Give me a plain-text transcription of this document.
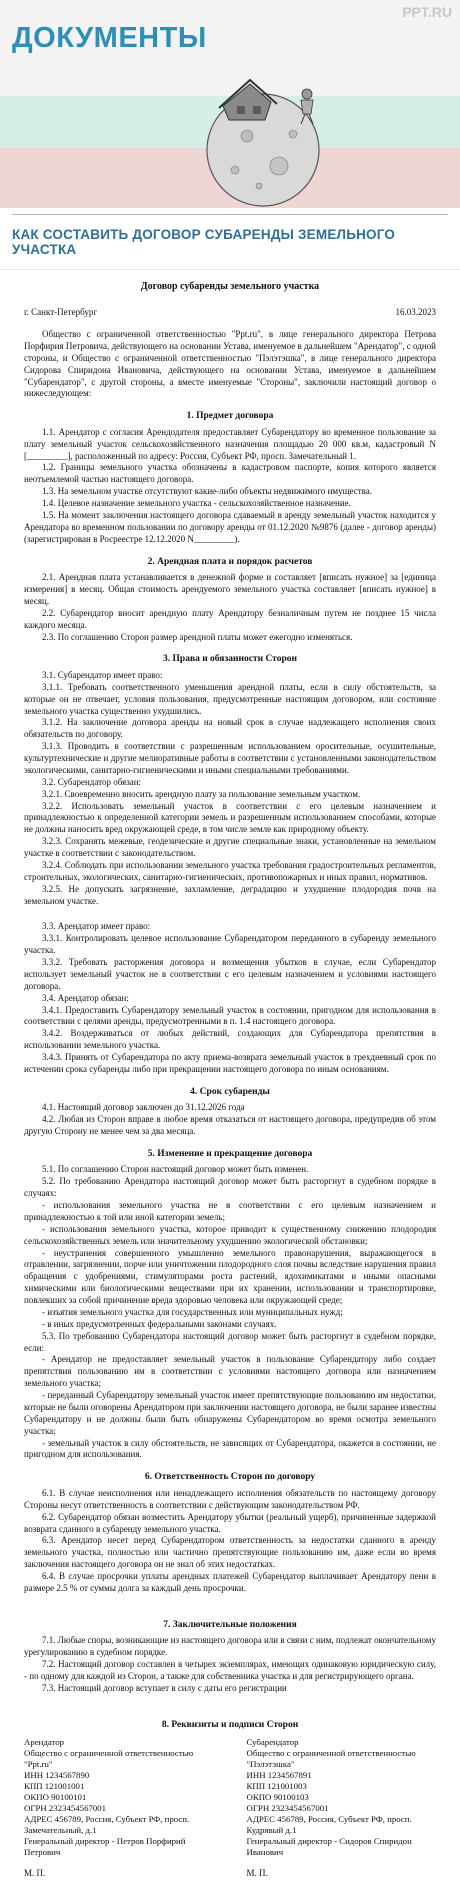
ДОКУМЕНТЫ
PPT.RU
КАК СОСТАВИТЬ ДОГОВОР СУБАРЕНДЫ ЗЕМЕЛЬНОГО УЧАСТКА
Договор субаренды земельного участка
г. Санкт-Петербург	16.03.2023

Общество с ограниченной ответственностью "Ppt.ru", в лице генерального директора Петрова Порфирия Петровича, действующего на основании Устава, именуемое в дальнейшем "Арендатор", с одной стороны, и Общество с ограниченной ответственностью "Пэлэтэшка", в лице генерального директора Сидорова Спиридона Ивановича, действующего на основании Устава, именуемое в дальнейшем "Субарендатор", с другой стороны, а вместе именуемые "Стороны", заключили настоящий договор о нижеследующем:

1. Предмет договора

1.1. Арендатор с согласия Арендодателя предоставляет Субарендатору во временное пользование за плату земельный участок сельскохозяйственного назначения площадью 20 000 кв.м, кадастровый N [_________], расположенный по адресу: Россия, Субъект РФ, просп. Замечательный 1.

1.2. Границы земельного участка обозначены в кадастровом паспорте, копия которого является неотъемлемой частью настоящего договора.

1.3. На земельном участке отсутствуют какие-либо объекты недвижимого имущества.

1.4. Целевое назначение земельного участка - сельскохозяйственное назначение.

1.5. На момент заключения настоящего договора сдаваемый в аренду земельный участок находится у Арендатора во временном пользовании по договору аренды от 01.12.2020 №9876 (далее - договор аренды) (зарегистрирован в Росреестре 12.12.2020 N_________).

2. Арендная плата и порядок расчетов

2.1. Арендная плата устанавливается в денежной форме и составляет [вписать нужное] за [единица измерения] в месяц. Общая стоимость арендуемого земельного участка составляет [вписать нужное] в месяц.

2.2. Субарендатор вносит арендную плату Арендатору безналичным путем не позднее 15 числа каждого месяца.

2.3. По соглашению Сторон размер арендной платы может ежегодно изменяться.

3. Права и обязанности Сторон

3.1. Субарендатор имеет право:

3.1.1. Требовать соответственного уменьшения арендной платы, если в силу обстоятельств, за которые он не отвечает, условия пользования, предусмотренные настоящим договором, или состояние земельного участка существенно ухудшились.

3.1.2. На заключение договора аренды на новый срок в случае надлежащего исполнения своих обязательств по договору.

3.1.3. Проводить в соответствии с разрешенным использованием оросительные, осушительные, культуртехнические и другие мелиоративные работы в соответствии с установленными законодательством экологическими, санитарно-гигиеническими и иными специальными требованиями.

3.2. Субарендатор обязан:

3.2.1. Своевременно вносить арендную плату за пользование земельным участком.

3.2.2. Использовать земельный участок в соответствии с его целевым назначением и принадлежностью к определенной категории земель и разрешенным использованием способами, которые не должны наносить вред окружающей среде, в том числе земле как природному объекту.

3.2.3. Сохранять межевые, геодезические и другие специальные знаки, установленные на земельном участке в соответствии с законодательством.

3.2.4. Соблюдать при использовании земельного участка требования градостроительных регламентов, строительных, экологических, санитарно-гигиенических, противопожарных и иных правил, нормативов.

3.2.5. Не допускать загрязнение, захламление, деградацию и ухудшение плодородия почв на земельном участке.

3.3. Арендатор имеет право:

3.3.1. Контролировать целевое использование Субарендатором переданного в субаренду земельного участка.

3.3.2. Требовать расторжения договора и возмещения убытков в случае, если Субарендатор использует земельный участок не в соответствии с его целевым назначением и условиями настоящего договора.

3.4. Арендатор обязан:

3.4.1. Предоставить Субарендатору земельный участок в состоянии, пригодном для использования в соответствии с целями аренды, предусмотренными в п. 1.4 настоящего договора.

3.4.2. Воздерживаться от любых действий, создающих для Субарендатора препятствия в использовании земельного участка.

3.4.3. Принять от Субарендатора по акту приема-возврата земельный участок в трехдневный срок по истечении срока субаренды либо при прекращении настоящего договора по иным основаниям.

4. Срок субаренды

4.1. Настоящий договор заключен до 31.12.2026 года

4.2. Любая из Сторон вправе в любое время отказаться от настоящего договора, предупредив об этом другую Сторону не менее чем за два месяца.

5. Изменение и прекращение договора

5.1. По соглашению Сторон настоящий договор может быть изменен.

5.2. По требованию Арендатора настоящий договор может быть расторгнут в судебном порядке в случаях:

- использования земельного участка не в соответствии с его целевым назначением и принадлежностью к той или иной категории земель;

- использования земельного участка, которое приводит к существенному снижению плодородия сельскохозяйственных земель или значительному ухудшению экологической обстановки;

- неустранения совершенного умышленно земельного правонарушения, выражающегося в отравлении, загрязнении, порче или уничтожении плодородного слоя почвы вследствие нарушения правил обращения с удобрениями, стимуляторами роста растений, ядохимикатами и иными опасными химическими или биологическими веществами при их хранении, использовании и транспортировке, повлекших за собой причинение вреда здоровью человека или окружающей среде;

- изъятия земельного участка для государственных или муниципальных нужд;

- в иных предусмотренных федеральными законами случаях.

5.3. По требованию Субарендатора настоящий договор может быть расторгнут в судебном порядке, если:

- Арендатор не предоставляет земельный участок в пользование Субарендатору либо создает препятствия пользованию им в соответствии с условиями настоящего договора или назначением земельного участка;

- переданный Субарендатору земельный участок имеет препятствующие пользованию им недостатки, которые не были оговорены Арендатором при заключении настоящего договора, не были заранее известны Субарендатору и не должны были быть обнаружены Субарендатором во время осмотра земельного участка;

- земельный участок в силу обстоятельств, не зависящих от Субарендатора, окажется в состоянии, не пригодном для использования.

6. Ответственность Сторон по договору

6.1. В случае неисполнения или ненадлежащего исполнения обязательств по настоящему договору Стороны несут ответственность в соответствии с действующим законодательством РФ.

6.2. Субарендатор обязан возместить Арендатору убытки (реальный ущерб), причиненные задержкой возврата сданного в субаренду земельного участка.

6.3. Арендатор несет перед Субарендатором ответственность за недостатки сданного в аренду земельного участка, полностью или частично препятствующие пользованию им, даже если во время заключения настоящего договора он не знал об этих недостатках.

6.4. В случае просрочки уплаты арендных платежей Субарендатор выплачивает Арендатору пени в размере 2.5 % от суммы долга за каждый день просрочки.

7. Заключительные положения

7.1. Любые споры, возникающие из настоящего договора или в связи с ним, подлежат окончательному урегулированию в судебном порядке.

7.2. Настоящий договор составлен в четырех экземплярах, имеющих одинаковую юридическую силу, - по одному для каждой из Сторон, а также для собственника участка и для регистрирующего органа.

7.3. Настоящий договор вступает в силу с даты его регистрации

8. Реквизиты и подписи Сторон
Арендатор
Общество с ограниченной ответственностью "Ppt.ru"
ИНН 1234567890
КПП 121001001
ОКПО 90100101
ОГРН 2323454567001
АДРЕС 456789, Россия, Субъект РФ, просп. Замечательный, д.1
Генеральный директор - Петров Порфирий Петрович
Субарендатор
Общество с ограниченной ответственностью "Пэлэтэшка"
ИНН 1234567891
КПП 121001003
ОКПО 90100103
ОГРН 2323454567001
АДРЕС 456789, Россия, Субъект РФ, просп. Кудрявый д.1
Генеральный директор - Сидоров Спиридон Иванович
М. П.	М. П.
